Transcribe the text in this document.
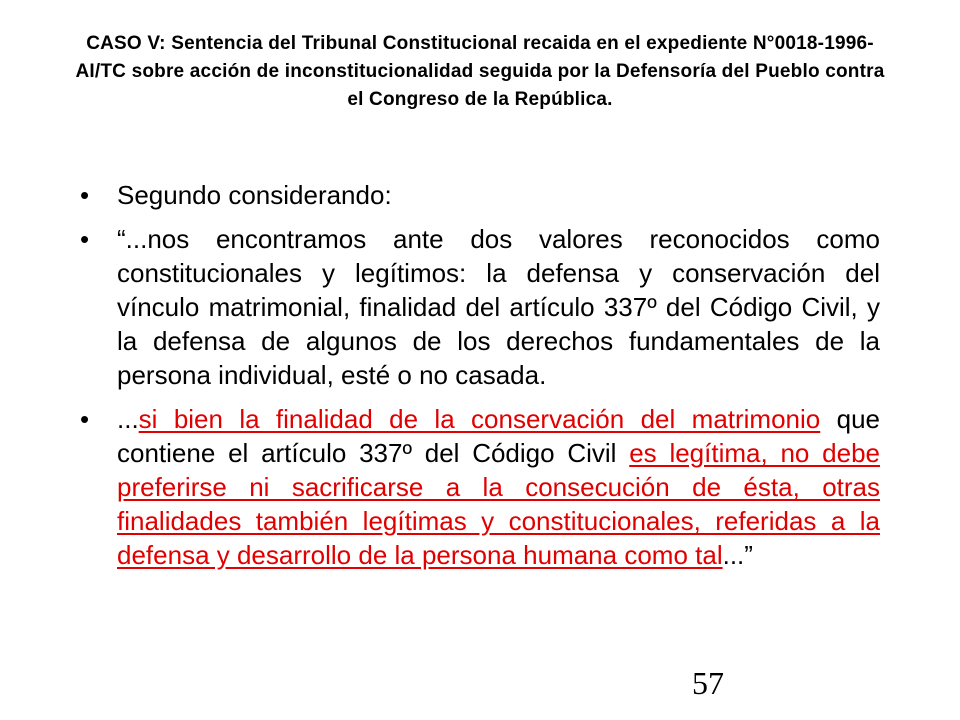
CASO V: Sentencia del Tribunal Constitucional recaida en el expediente N°0018-1996-AI/TC sobre acción de inconstitucionalidad seguida por la Defensoría del Pueblo contra el Congreso de la República.
• Segundo considerando:
• “...nos encontramos ante dos valores reconocidos como constitucionales y legítimos: la defensa y conservación del vínculo matrimonial, finalidad del artículo 337º del Código Civil, y la defensa de algunos de los derechos fundamentales de la persona individual, esté o no casada.
• ...si bien la finalidad de la conservación del matrimonio que contiene el artículo 337º del Código Civil es legítima, no debe preferirse ni sacrificarse a la consecución de ésta, otras finalidades también legítimas y constitucionales, referidas a la defensa y desarrollo de la persona humana como tal...”
57
